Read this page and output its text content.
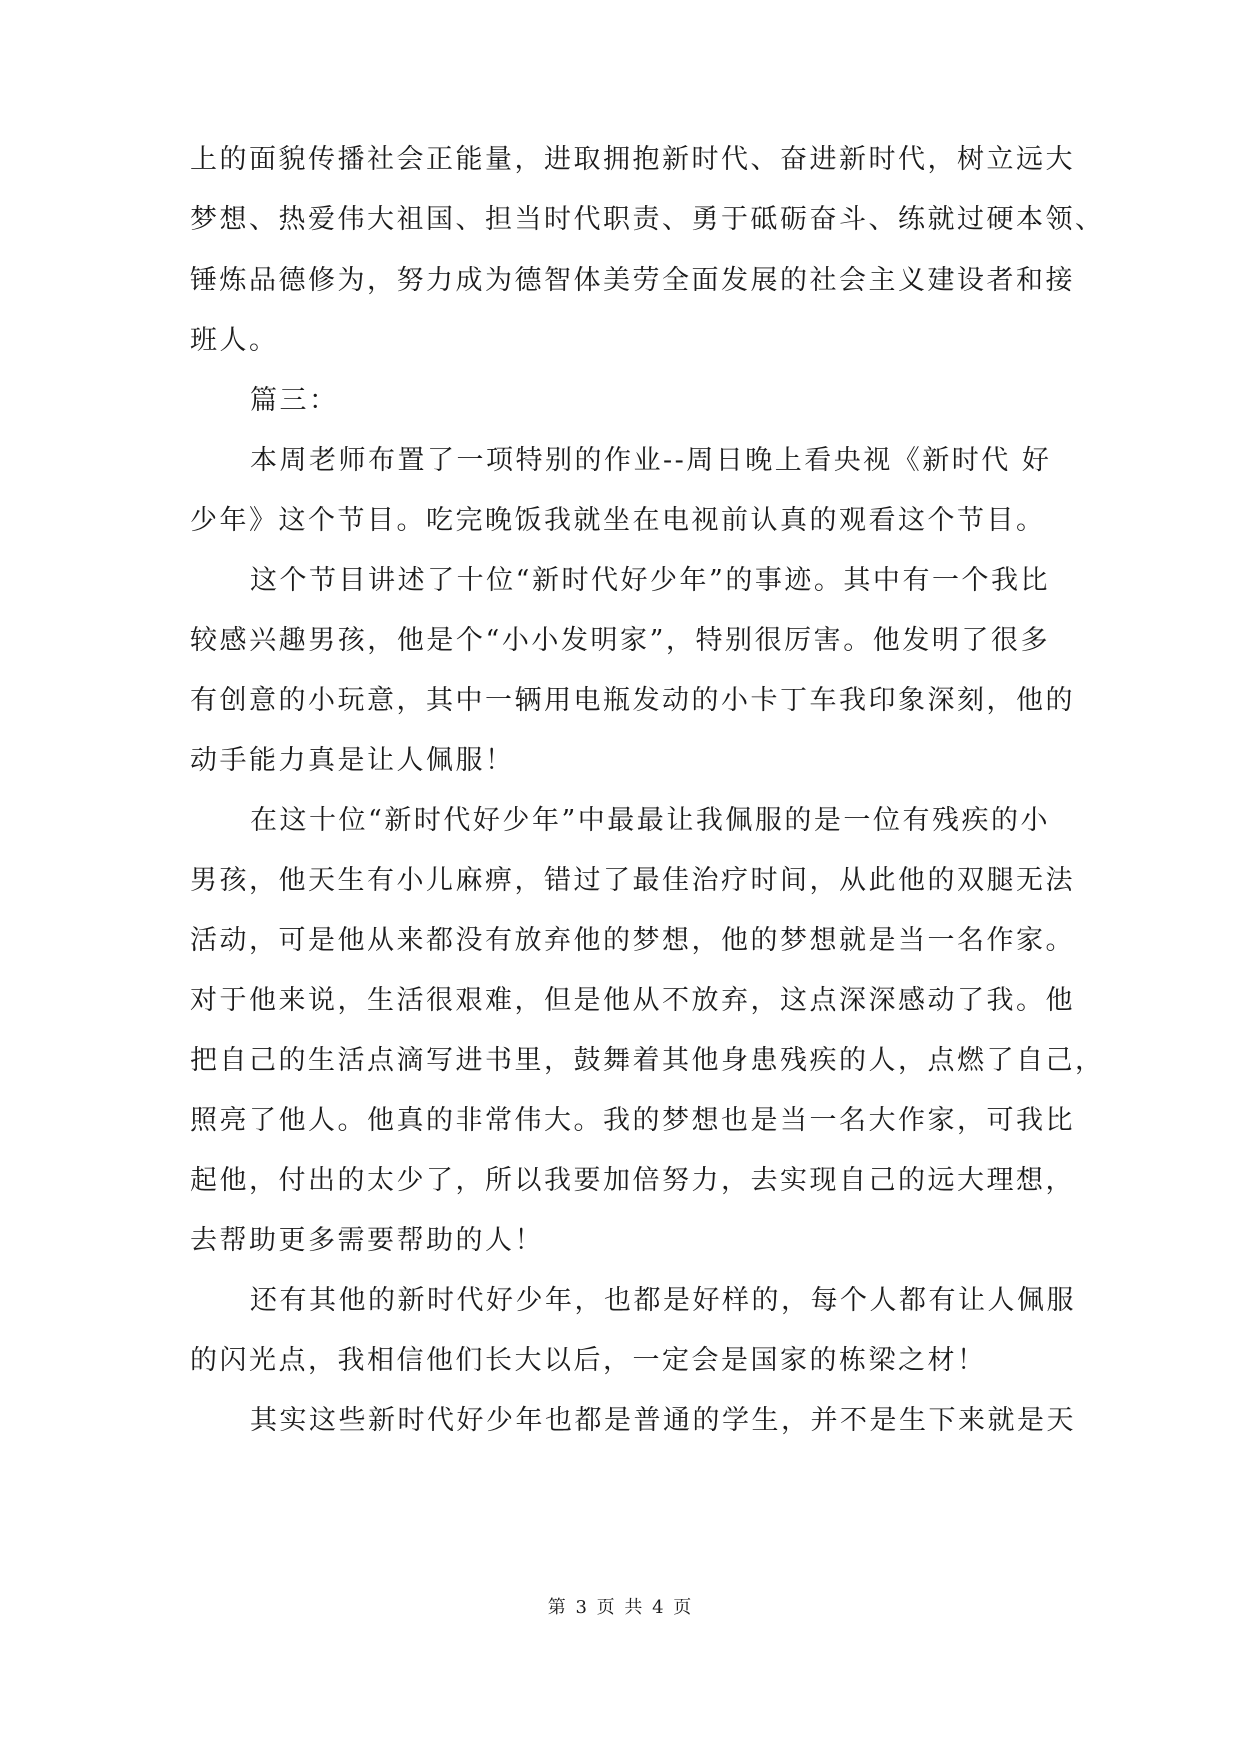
上的面貌传播社会正能量，进取拥抱新时代、奋进新时代，树立远大
梦想、热爱伟大祖国、担当时代职责、勇于砥砺奋斗、练就过硬本领、
锤炼品德修为，努力成为德智体美劳全面发展的社会主义建设者和接
班人。
篇三：
本周老师布置了一项特别的作业--周日晚上看央视《新时代 好
少年》这个节目。吃完晚饭我就坐在电视前认真的观看这个节目。
这个节目讲述了十位“新时代好少年”的事迹。其中有一个我比
较感兴趣男孩，他是个“小小发明家”，特别很厉害。他发明了很多
有创意的小玩意，其中一辆用电瓶发动的小卡丁车我印象深刻，他的
动手能力真是让人佩服！
在这十位“新时代好少年”中最最让我佩服的是一位有残疾的小
男孩，他天生有小儿麻痹，错过了最佳治疗时间，从此他的双腿无法
活动，可是他从来都没有放弃他的梦想，他的梦想就是当一名作家。
对于他来说，生活很艰难，但是他从不放弃，这点深深感动了我。他
把自己的生活点滴写进书里，鼓舞着其他身患残疾的人，点燃了自己，
照亮了他人。他真的非常伟大。我的梦想也是当一名大作家，可我比
起他，付出的太少了，所以我要加倍努力，去实现自己的远大理想，
去帮助更多需要帮助的人！
还有其他的新时代好少年，也都是好样的，每个人都有让人佩服
的闪光点，我相信他们长大以后，一定会是国家的栋梁之材！
其实这些新时代好少年也都是普通的学生，并不是生下来就是天
第 3 页 共 4 页
